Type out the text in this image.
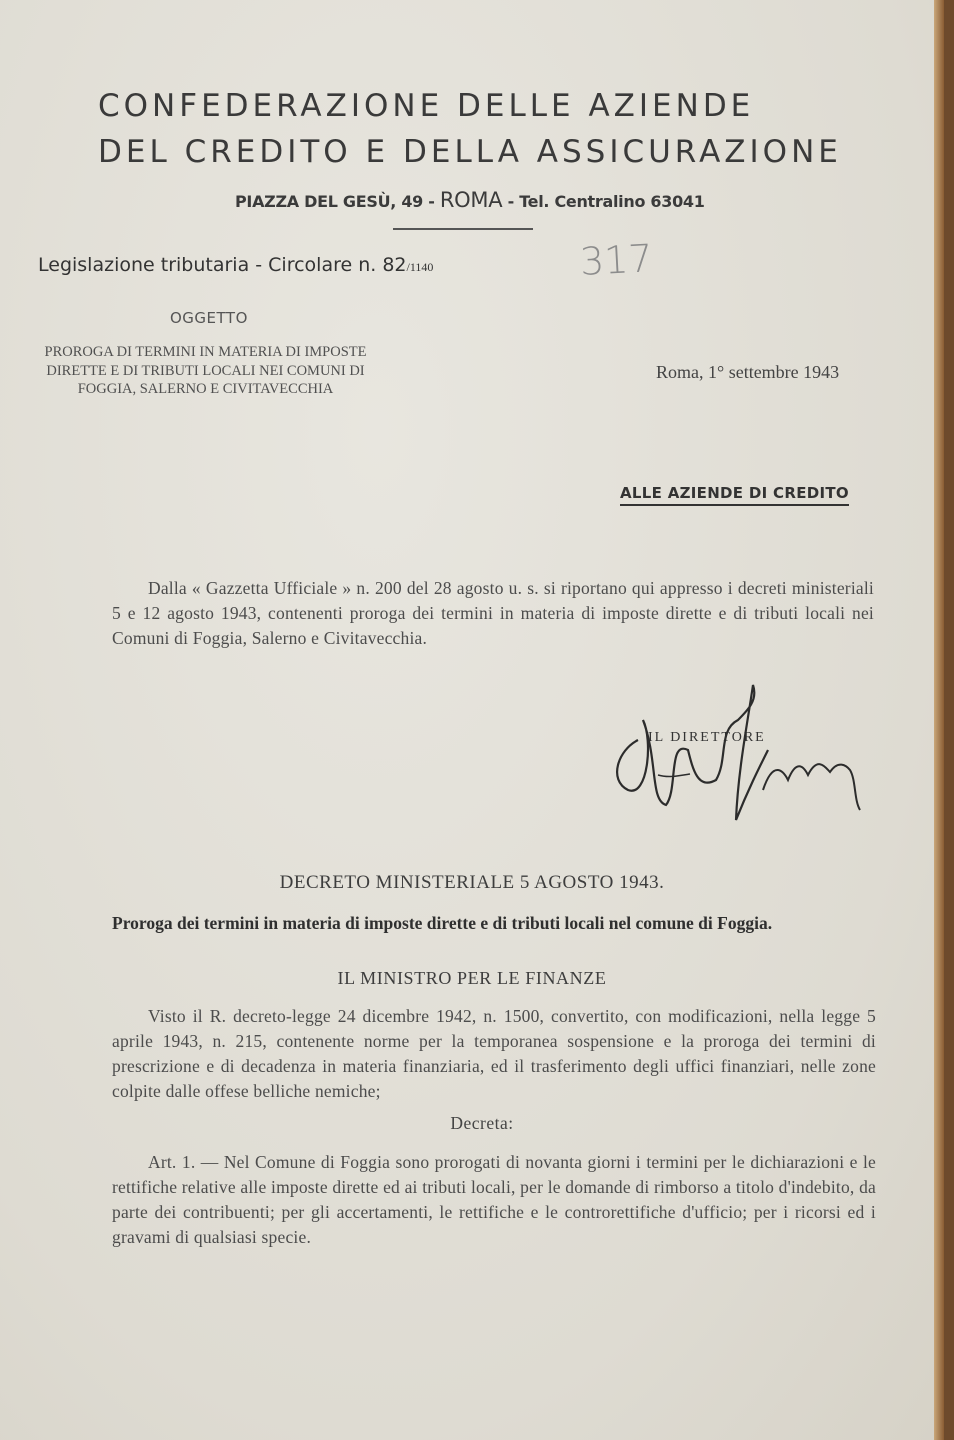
CONFEDERAZIONE DELLE AZIENDE
DEL CREDITO E DELLA ASSICURAZIONE
PIAZZA DEL GESÙ, 49 - ROMA - Tel. Centralino 63041
Legislazione tributaria - Circolare n. 82/1140	317
OGGETTO
PROROGA DI TERMINI IN MATERIA DI IMPOSTE DIRETTE E DI TRIBUTI LOCALI NEI COMUNI DI FOGGIA, SALERNO E CIVITAVECCHIA
Roma, 1° settembre 1943
ALLE AZIENDE DI CREDITO

Dalla « Gazzetta Ufficiale » n. 200 del 28 agosto u. s. si riportano qui appresso i decreti ministeriali 5 e 12 agosto 1943, contenenti proroga dei termini in materia di imposte dirette e di tributi locali nei Comuni di Foggia, Salerno e Civitavecchia.

IL DIRETTORE
DECRETO MINISTERIALE 5 AGOSTO 1943.
Proroga dei termini in materia di imposte dirette e di tributi locali nel comune di Foggia.
IL MINISTRO PER LE FINANZE

Visto il R. decreto-legge 24 dicembre 1942, n. 1500, convertito, con modificazioni, nella legge 5 aprile 1943, n. 215, contenente norme per la temporanea sospensione e la proroga dei termini di prescrizione e di decadenza in materia finanziaria, ed il trasferimento degli uffici finanziari, nelle zone colpite dalle offese belliche nemiche;

Decreta:

Art. 1. — Nel Comune di Foggia sono prorogati di novanta giorni i termini per le dichiarazioni e le rettifiche relative alle imposte dirette ed ai tributi locali, per le domande di rimborso a titolo d'indebito, da parte dei contribuenti; per gli accertamenti, le rettifiche e le controrettifiche d'ufficio; per i ricorsi ed i gravami di qualsiasi specie.
